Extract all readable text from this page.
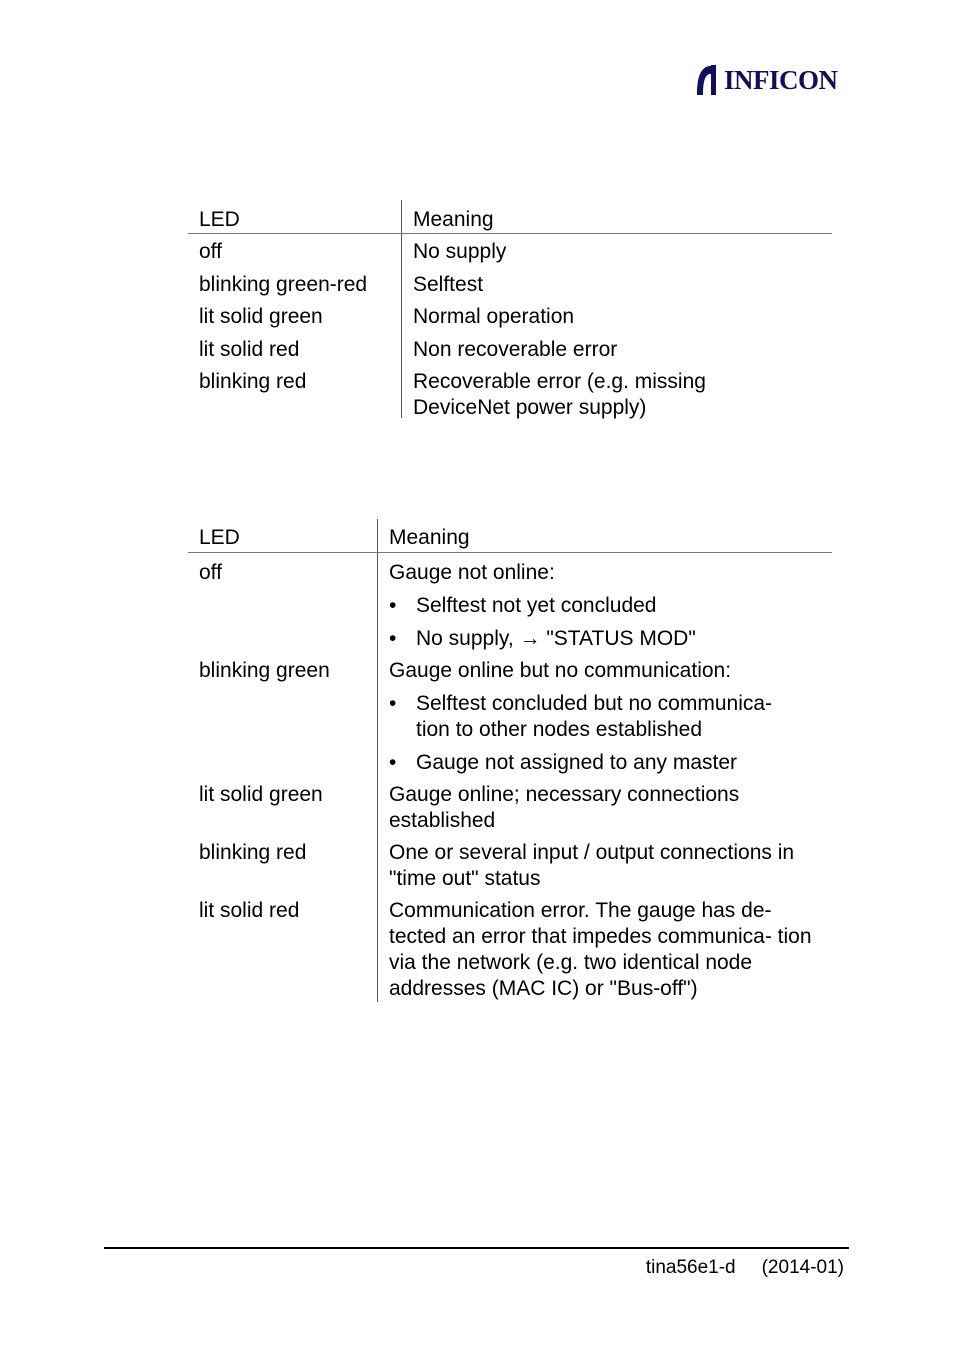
INFICON
LED	Meaning
off	No supply
blinking green-red	Selftest
lit solid green	Normal operation
lit solid red	Non recoverable error
blinking red	Recoverable error (e.g. missing DeviceNet power supply)
LED	Meaning
off	Gauge not online:

• Selftest not yet concluded
• No supply, → "STATUS MOD"
blinking green	Gauge online but no communication:

• Selftest concluded but no communica- tion to other nodes established
• Gauge not assigned to any master
lit solid green	Gauge online; necessary connections established
blinking red	One or several input / output connections in "time out" status
lit solid red	Communication error. The gauge has de- tected an error that impedes communica- tion via the network (e.g. two identical node addresses (MAC IC) or "Bus-off")
tina56e1-d (2014-01)
